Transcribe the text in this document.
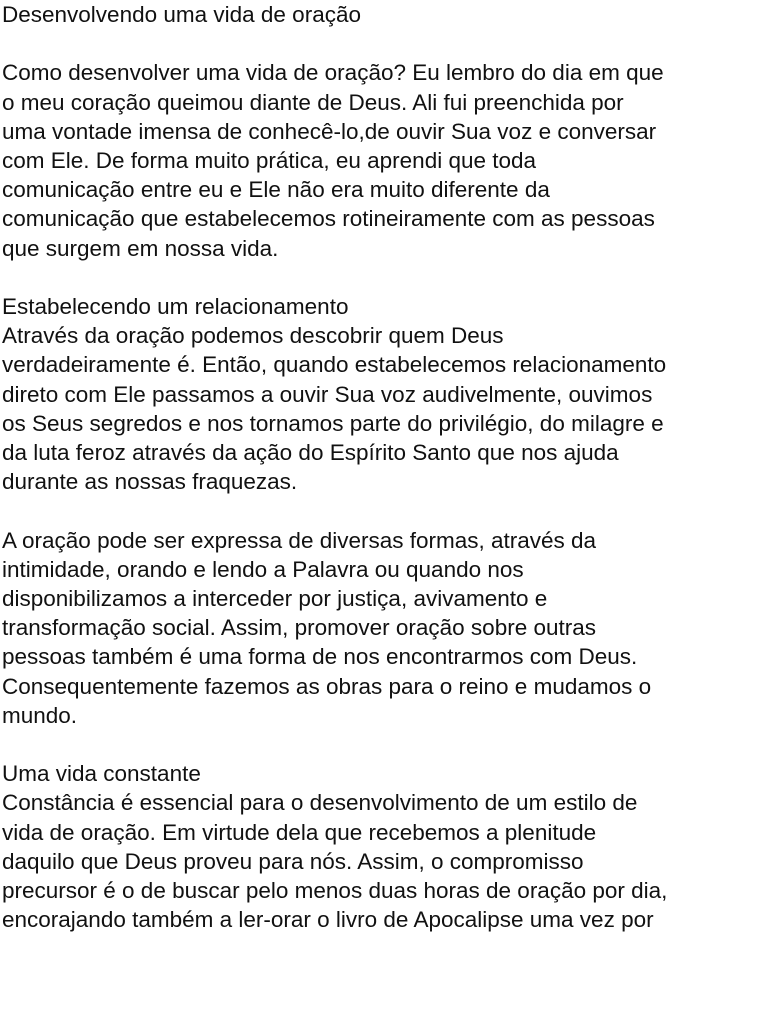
Desenvolvendo uma vida de oração

Como desenvolver uma vida de oração? Eu lembro do dia em que

o meu coração queimou diante de Deus. Ali fui preenchida por

uma vontade imensa de conhecê-lo,de ouvir Sua voz e conversar

com Ele. De forma muito prática, eu aprendi que toda

comunicação entre eu e Ele não era muito diferente da

comunicação que estabelecemos rotineiramente com as pessoas

que surgem em nossa vida.

Estabelecendo um relacionamento

Através da oração podemos descobrir quem Deus

verdadeiramente é. Então, quando estabelecemos relacionamento

direto com Ele passamos a ouvir Sua voz audivelmente, ouvimos

os Seus segredos e nos tornamos parte do privilégio, do milagre e

da luta feroz através da ação do Espírito Santo que nos ajuda

durante as nossas fraquezas.

A oração pode ser expressa de diversas formas, através da

intimidade, orando e lendo a Palavra ou quando nos

disponibilizamos a interceder por justiça, avivamento e

transformação social. Assim, promover oração sobre outras

pessoas também é uma forma de nos encontrarmos com Deus.

Consequentemente fazemos as obras para o reino e mudamos o

mundo.

Uma vida constante

Constância é essencial para o desenvolvimento de um estilo de

vida de oração. Em virtude dela que recebemos a plenitude

daquilo que Deus proveu para nós. Assim, o compromisso

precursor é o de buscar pelo menos duas horas de oração por dia,

encorajando também a ler-orar o livro de Apocalipse uma vez por
